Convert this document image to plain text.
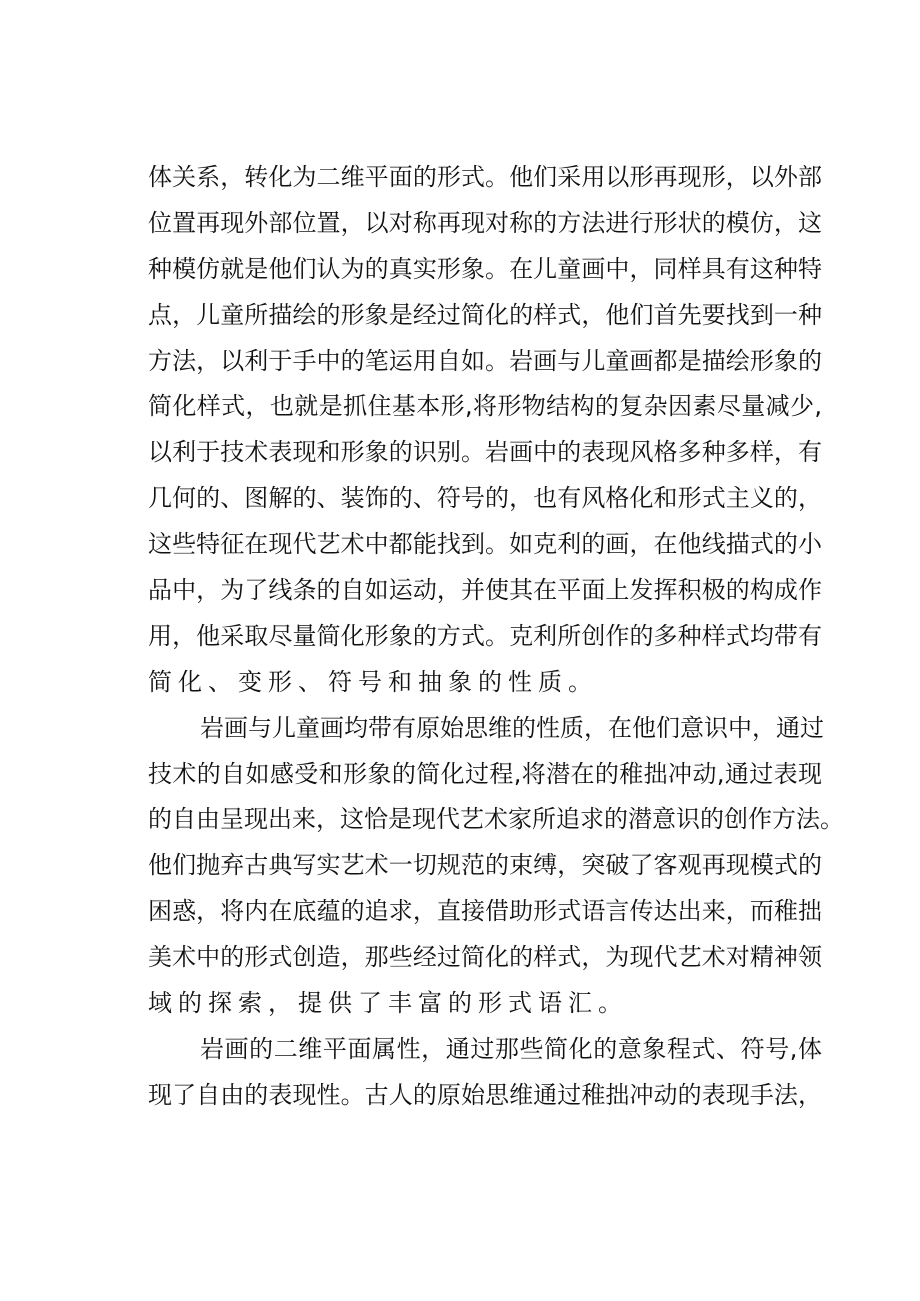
体关系，转化为二维平面的形式。他们采用以形再现形，以外部
位置再现外部位置，以对称再现对称的方法进行形状的模仿，这
种模仿就是他们认为的真实形象。在儿童画中，同样具有这种特
点，儿童所描绘的形象是经过简化的样式，他们首先要找到一种
方法，以利于手中的笔运用自如。岩画与儿童画都是描绘形象的
简化样式，也就是抓住基本形,将形物结构的复杂因素尽量减少,
以利于技术表现和形象的识别。岩画中的表现风格多种多样，有
几何的、图解的、装饰的、符号的，也有风格化和形式主义的，
这些特征在现代艺术中都能找到。如克利的画，在他线描式的小
品中，为了线条的自如运动，并使其在平面上发挥积极的构成作
用，他采取尽量简化形象的方式。克利所创作的多种样式均带有
简化、变形、符号和抽象的性质。
岩画与儿童画均带有原始思维的性质，在他们意识中，通过
技术的自如感受和形象的简化过程,将潜在的稚拙冲动,通过表现
的自由呈现出来，这恰是现代艺术家所追求的潜意识的创作方法。
他们抛弃古典写实艺术一切规范的束缚，突破了客观再现模式的
困惑，将内在底蕴的追求，直接借助形式语言传达出来，而稚拙
美术中的形式创造，那些经过简化的样式，为现代艺术对精神领
域的探索，提供了丰富的形式语汇。
岩画的二维平面属性，通过那些简化的意象程式、符号,体
现了自由的表现性。古人的原始思维通过稚拙冲动的表现手法，
